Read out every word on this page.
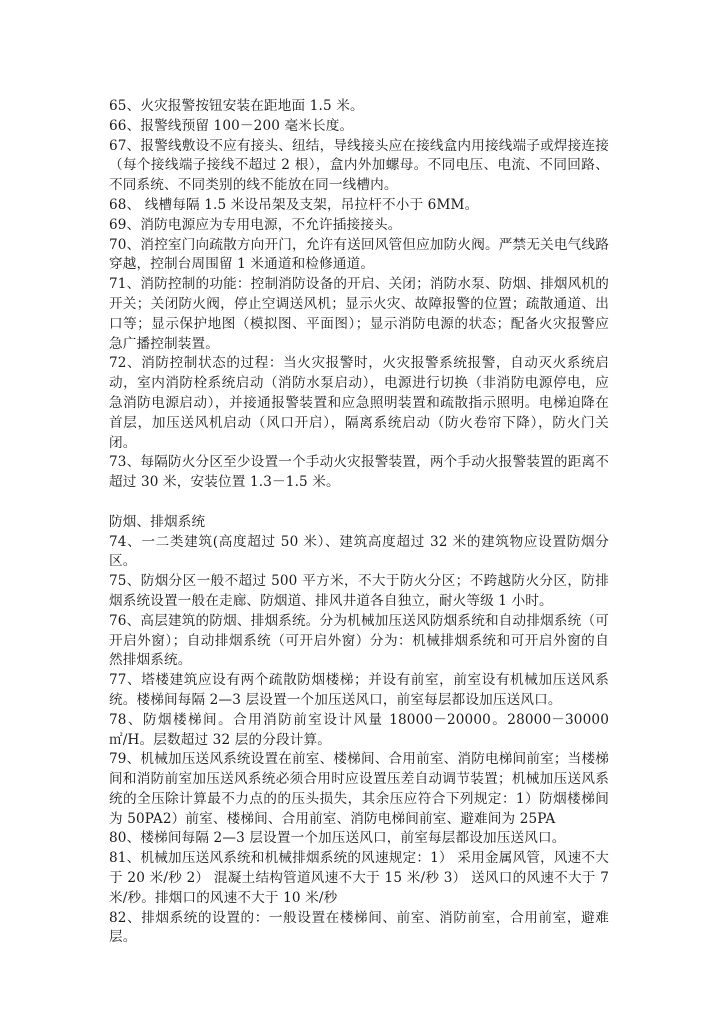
65、火灾报警按钮安装在距地面 1.5 米。

66、报警线预留 100－200 毫米长度。

67、报警线敷设不应有接头、纽结，导线接头应在接线盒内用接线端子或焊接连接（每个接线端子接线不超过 2 根），盒内外加螺母。不同电压、电流、不同回路、不同系统、不同类别的线不能放在同一线槽内。

68、 线槽每隔 1.5 米设吊架及支架，吊拉杆不小于 6MM。

69、消防电源应为专用电源，不允许插接接头。

70、消控室门向疏散方向开门，允许有送回风管但应加防火阀。严禁无关电气线路穿越，控制台周围留 1 米通道和检修通道。

71、消防控制的功能：控制消防设备的开启、关闭；消防水泵、防烟、排烟风机的开关；关闭防火阀，停止空调送风机；显示火灾、故障报警的位置；疏散通道、出口等；显示保护地图（模拟图、平面图）；显示消防电源的状态；配备火灾报警应急广播控制装置。

72、消防控制状态的过程：当火灾报警时，火灾报警系统报警，自动灭火系统启动，室内消防栓系统启动（消防水泵启动），电源进行切换（非消防电源停电，应急消防电源启动），并接通报警装置和应急照明装置和疏散指示照明。电梯迫降在首层，加压送风机启动（风口开启），隔离系统启动（防火卷帘下降），防火门关闭。

73、每隔防火分区至少设置一个手动火灾报警装置，两个手动火报警装置的距离不超过 30 米，安装位置 1.3－1.5 米。

防烟、排烟系统

74、一二类建筑(高度超过 50 米）、建筑高度超过 32 米的建筑物应设置防烟分区。

75、防烟分区一般不超过 500 平方米，不大于防火分区；不跨越防火分区，防排烟系统设置一般在走廊、防烟道、排风井道各自独立，耐火等级 1 小时。

76、高层建筑的防烟、排烟系统。分为机械加压送风防烟系统和自动排烟系统（可开启外窗）；自动排烟系统（可开启外窗）分为：机械排烟系统和可开启外窗的自然排烟系统。

77、塔楼建筑应设有两个疏散防烟楼梯；并设有前室，前室设有机械加压送风系统。楼梯间每隔 2—3 层设置一个加压送风口，前室每层都设加压送风口。

78、防烟楼梯间。合用消防前室设计风量 18000－20000。28000－30000㎡/H。层数超过 32 层的分段计算。

79、机械加压送风系统设置在前室、楼梯间、合用前室、消防电梯间前室；当楼梯间和消防前室加压送风系统必须合用时应设置压差自动调节装置；机械加压送风系统的全压除计算最不力点的的压头损失，其余压应符合下列规定：1）防烟楼梯间为 50PA2）前室、楼梯间、合用前室、消防电梯间前室、避难间为 25PA

80、楼梯间每隔 2—3 层设置一个加压送风口，前室每层都设加压送风口。

81、机械加压送风系统和机械排烟系统的风速规定：1） 采用金属风管，风速不大于 20 米/秒 2） 混凝土结构管道风速不大于 15 米/秒 3） 送风口的风速不大于 7 米/秒。排烟口的风速不大于 10 米/秒

82、排烟系统的设置的：一般设置在楼梯间、前室、消防前室，合用前室，避难层。
